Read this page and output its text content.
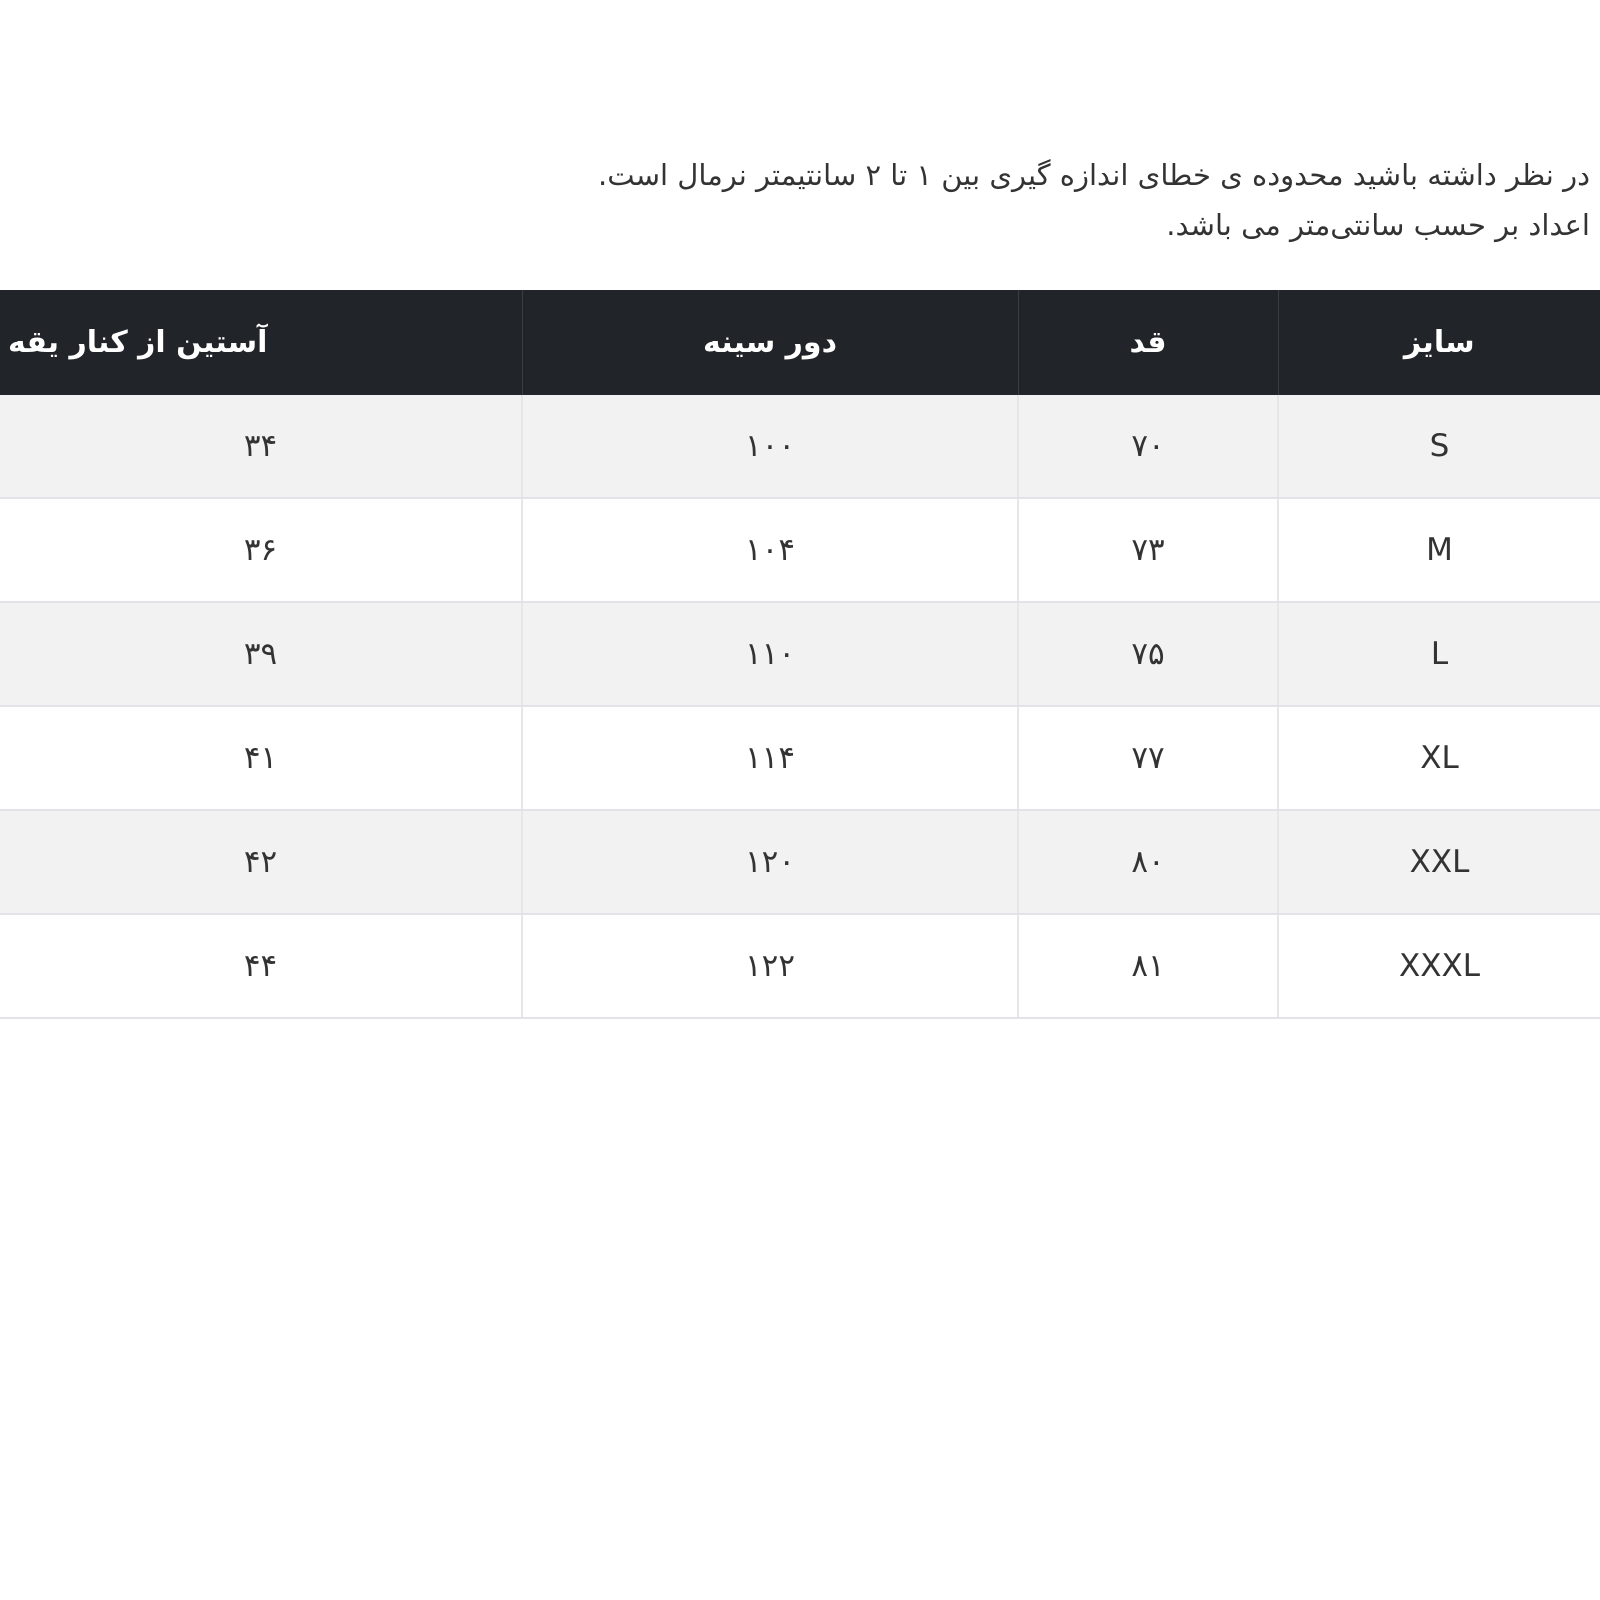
در نظر داشته باشید محدوده ی خطای اندازه گیری بین ۱ تا ۲ سانتیمتر نرمال است.
اعداد بر حسب سانتی‌متر می باشد.
سایز	قد	دور سینه	آستین از کنار یقه
S	۷۰	۱۰۰	۳۴
M	۷۳	۱۰۴	۳۶
L	۷۵	۱۱۰	۳۹
XL	۷۷	۱۱۴	۴۱
XXL	۸۰	۱۲۰	۴۲
XXXL	۸۱	۱۲۲	۴۴
